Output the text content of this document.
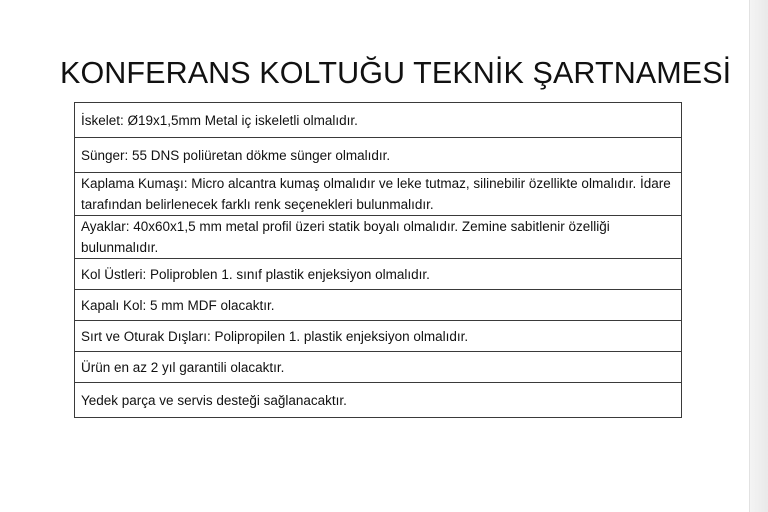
KONFERANS KOLTUĞU TEKNİK ŞARTNAMESİ
İskelet: Ø19x1,5mm Metal iç iskeletli olmalıdır.
Sünger: 55 DNS poliüretan dökme sünger olmalıdır.
Kaplama Kumaşı: Micro alcantra kumaş olmalıdır ve leke tutmaz, silinebilir özellikte olmalıdır. İdare tarafından belirlenecek farklı renk seçenekleri bulunmalıdır.
Ayaklar: 40x60x1,5 mm metal profil üzeri statik boyalı olmalıdır. Zemine sabitlenir özelliği bulunmalıdır.
Kol Üstleri: Poliproblen 1. sınıf plastik enjeksiyon olmalıdır.
Kapalı Kol: 5 mm MDF olacaktır.
Sırt ve Oturak Dışları: Polipropilen 1. plastik enjeksiyon olmalıdır.
Ürün en az 2 yıl garantili olacaktır.
Yedek parça ve servis desteği sağlanacaktır.
